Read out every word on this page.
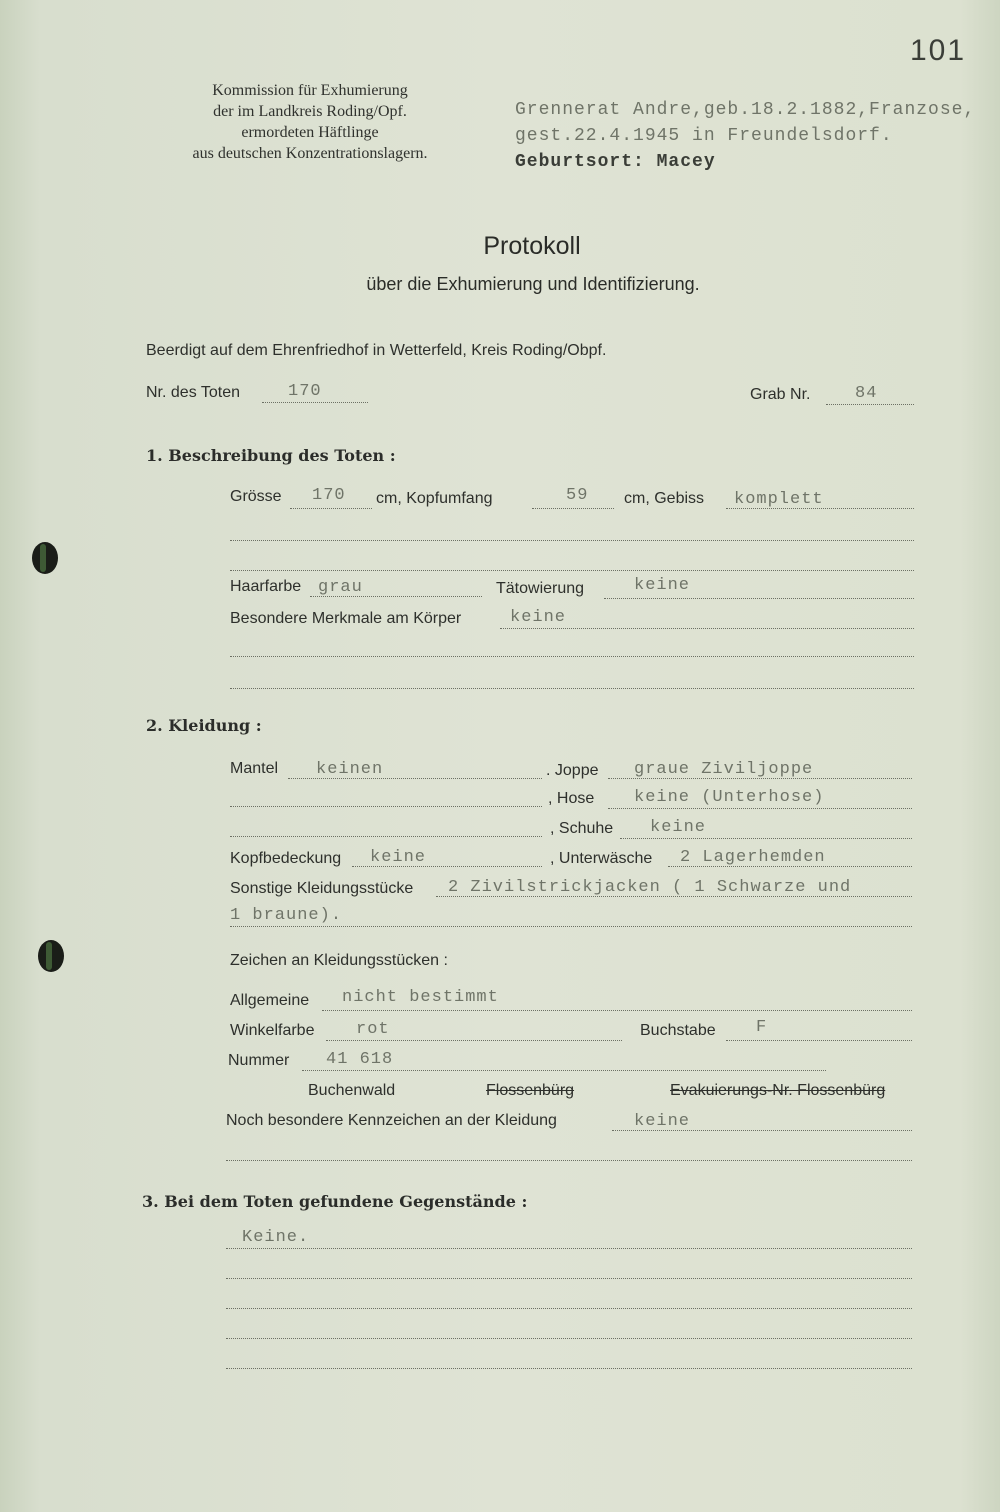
101
Kommission für Exhumierung
der im Landkreis Roding/Opf.
ermordeten Häftlinge
aus deutschen Konzentrationslagern.
Grennerat Andre,geb.18.2.1882,Franzose,
gest.22.4.1945 in Freundelsdorf.
Geburtsort: Macey
Protokoll
über die Exhumierung und Identifizierung.
Beerdigt auf dem Ehrenfriedhof in Wetterfeld, Kreis Roding/Obpf.
Nr. des Toten	170	Grab Nr.	84
1. Beschreibung des Toten :
Grösse 170 cm, Kopfumfang	59 cm, Gebiss komplett
Haarfarbe grau	Tätowierung	keine
Besondere Merkmale am Körper	keine
2. Kleidung :
Mantel keinen	. Joppe graue Ziviljoppe
, Hose keine (Unterhose)
, Schuhe keine
Kopfbedeckung keine	, Unterwäsche 2 Lagerhemden
Sonstige Kleidungsstücke 2 Zivilstrickjacken ( 1 Schwarze und
1 braune).
Zeichen an Kleidungsstücken :
Allgemeine nicht bestimmt
Winkelfarbe rot	Buchstabe F
Nummer 41 618
Buchenwald	Flossenbürg	Evakuierungs-Nr. Flossenbürg
Noch besondere Kennzeichen an der Kleidung	keine
3. Bei dem Toten gefundene Gegenstände :
Keine.
